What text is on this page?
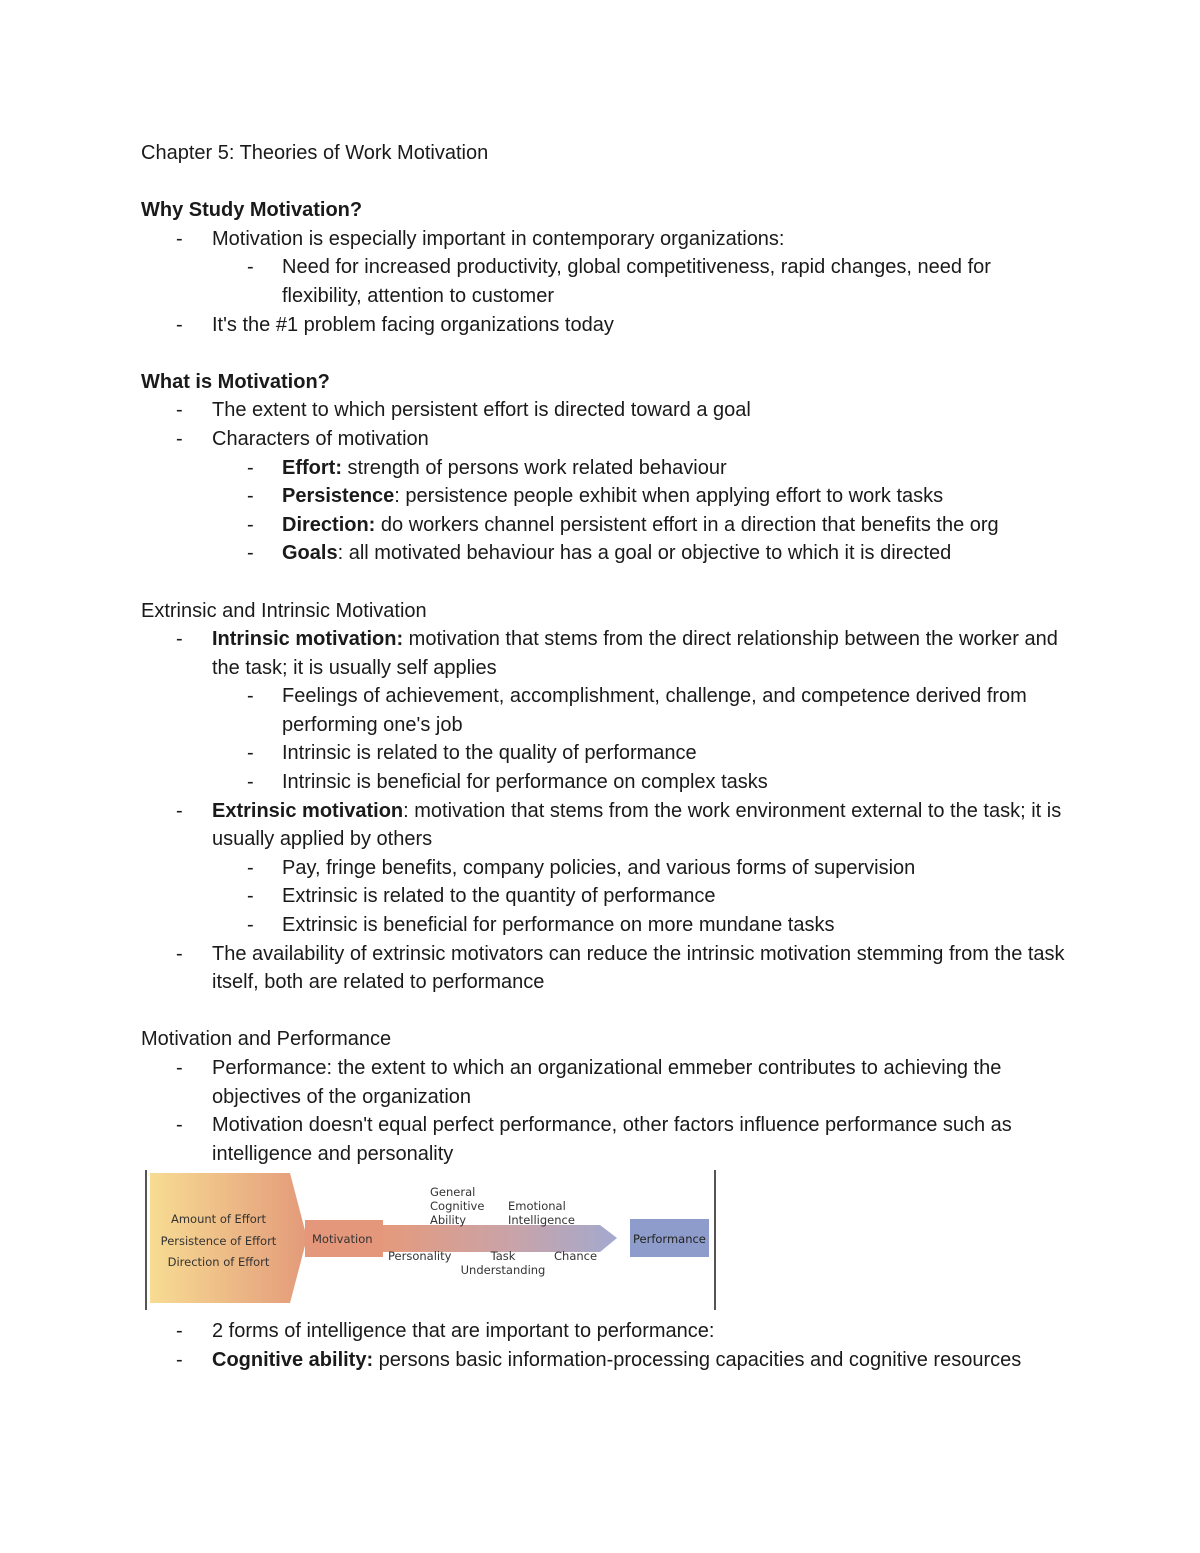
Chapter 5: Theories of Work Motivation
Why Study Motivation?
- Motivation is especially important in contemporary organizations:
- Need for increased productivity, global competitiveness, rapid changes, need for flexibility, attention to customer
- It's the #1 problem facing organizations today
What is Motivation?
- The extent to which persistent effort is directed toward a goal
- Characters of motivation
- Effort: strength of persons work related behaviour
- Persistence: persistence people exhibit when applying effort to work tasks
- Direction: do workers channel persistent effort in a direction that benefits the org
- Goals: all motivated behaviour has a goal or objective to which it is directed
Extrinsic and Intrinsic Motivation
- Intrinsic motivation: motivation that stems from the direct relationship between the worker and the task; it is usually self applies
- Feelings of achievement, accomplishment, challenge, and competence derived from performing one's job
- Intrinsic is related to the quality of performance
- Intrinsic is beneficial for performance on complex tasks
- Extrinsic motivation: motivation that stems from the work environment external to the task; it is usually applied by others
- Pay, fringe benefits, company policies, and various forms of supervision
- Extrinsic is related to the quantity of performance
- Extrinsic is beneficial for performance on more mundane tasks
- The availability of extrinsic motivators can reduce the intrinsic motivation stemming from the task itself, both are related to performance
Motivation and Performance
- Performance: the extent to which an organizational emmeber contributes to achieving the objectives of the organization
- Motivation doesn't equal perfect performance, other factors influence performance such as intelligence and personality
Amount of Effort
Persistence of Effort
Direction of Effort
Motivation	Performance
General
Cognitive
Ability
Emotional
Intelligence
Personality	Task
Understanding
Chance
- 2 forms of intelligence that are important to performance:
- Cognitive ability: persons basic information-processing capacities and cognitive resources
